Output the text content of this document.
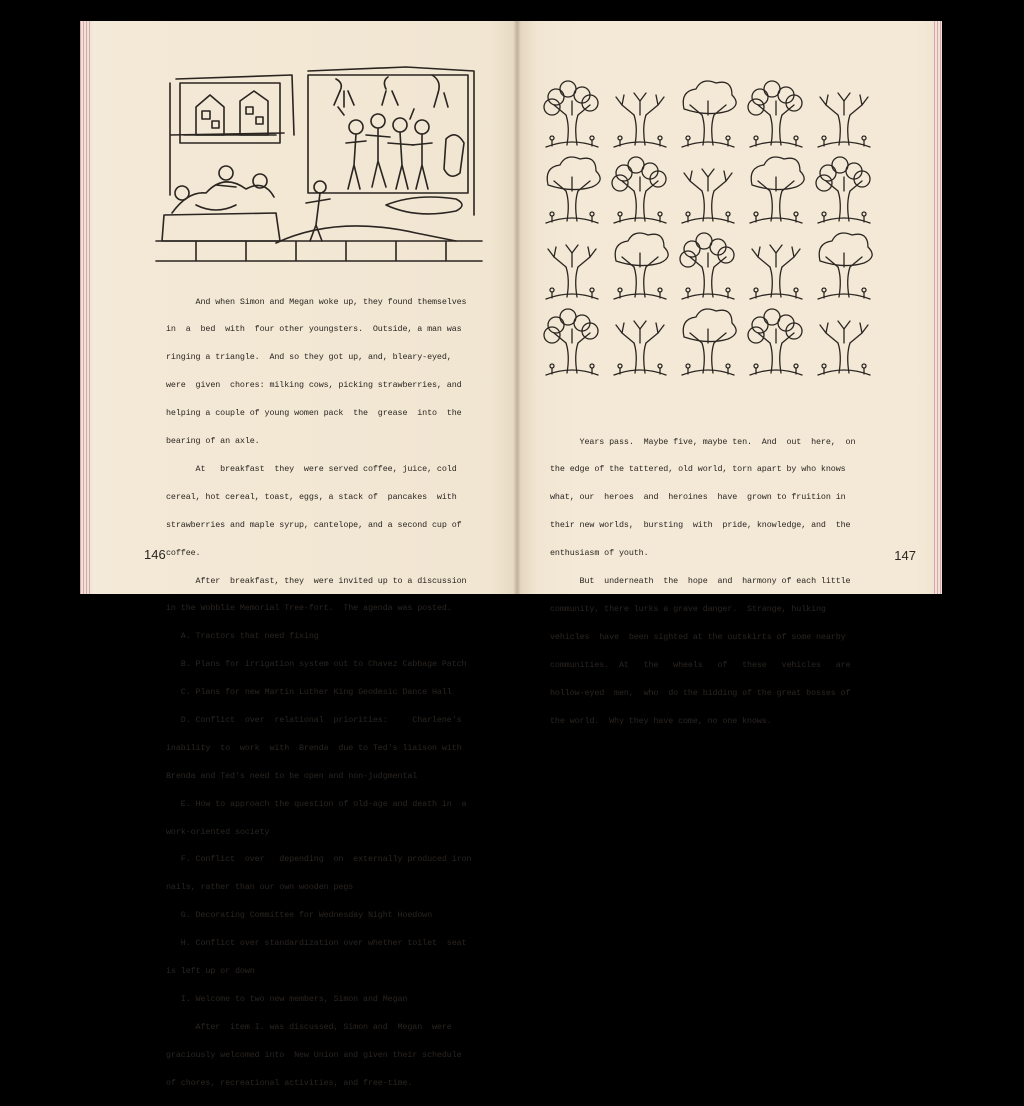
And when Simon and Megan woke up, they found themselves

in  a  bed  with  four other youngsters.  Outside, a man was

ringing a triangle.  And so they got up, and, bleary-eyed,

were  given  chores: milking cows, picking strawberries, and

helping a couple of young women pack  the  grease  into  the

bearing of an axle.

At   breakfast  they  were served coffee, juice, cold

cereal, hot cereal, toast, eggs, a stack of  pancakes  with

strawberries and maple syrup, cantelope, and a second cup of

coffee.

After  breakfast, they  were invited up to a discussion

in the Wobblie Memorial Tree-fort.  The agenda was posted.

A. Tractors that need fixing

B. Plans for irrigation system out to Chavez Cabbage Patch

C. Plans for new Martin Luther King Geodesic Dance Hall

D. Conflict  over  relational  priorities:     Charlene's

inability  to  work  with  Brenda  due to Ted's liaison with

Brenda and Ted's need to be open and non-judgmental

E. How to approach the question of old-age and death in  a

work-oriented society

F. Conflict  over   depending  on  externally produced iron

nails, rather than our own wooden pegs

G. Decorating Committee for Wednesday Night Hoedown

H. Conflict over standardization over whether toilet  seat

is left up or down

I. Welcome to two new members, Simon and Megan

After  item I. was discussed, Simon and  Megan  were

graciously welcomed into  New Union and given their schedule

of chores, recreational activities, and free-time.

146

Years pass.  Maybe five, maybe ten.  And  out  here,  on

the edge of the tattered, old world, torn apart by who knows

what, our  heroes  and  heroines  have  grown to fruition in

their new worlds,  bursting  with  pride, knowledge, and  the

enthusiasm of youth.

But  underneath  the  hope  and  harmony of each little

community, there lurks a grave danger.  Strange, hulking

vehicles  have  been sighted at the outskirts of some nearby

communities.  At   the   wheels   of   these   vehicles   are

hollow-eyed  men,  who  do the bidding of the great bosses of

the world.  Why they have come, no one knows.

147
